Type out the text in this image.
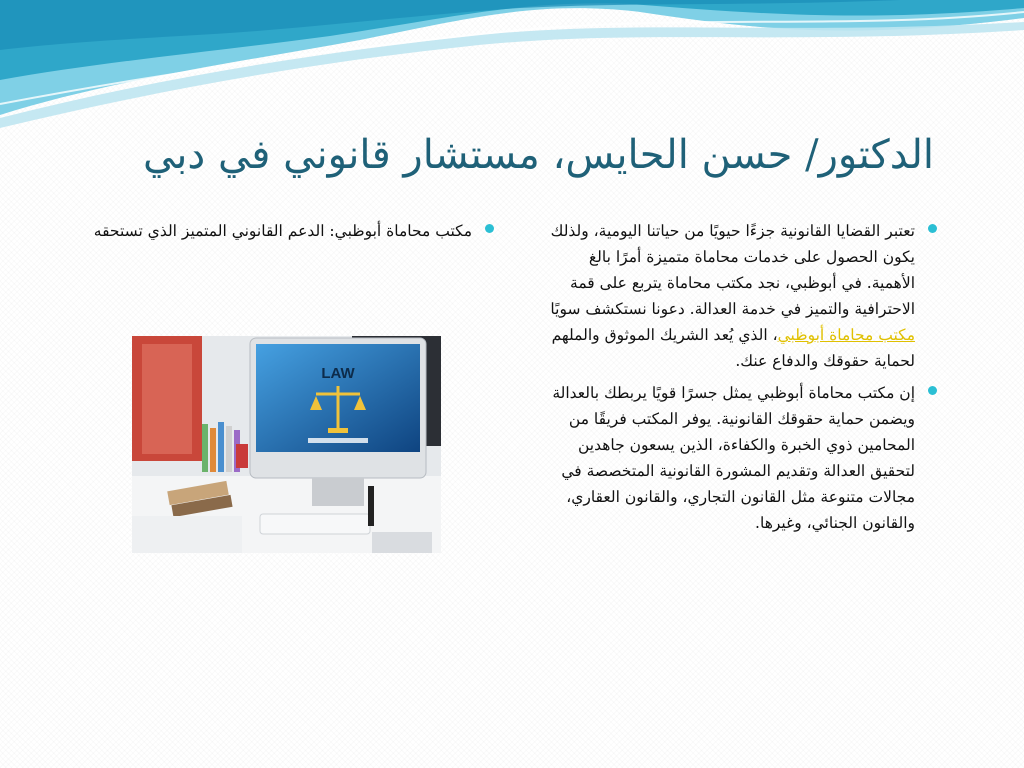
الدكتور/ حسن الحايس، مستشار قانوني في دبي

تعتبر القضايا القانونية جزءًا حيويًا من حياتنا اليومية، ولذلك يكون الحصول على خدمات محاماة متميزة أمرًا بالغ الأهمية. في أبوظبي، نجد مكتب محاماة يتربع على قمة الاحترافية والتميز في خدمة العدالة. دعونا نستكشف سويًا مكتب محاماة أبوظبي، الذي يُعد الشريك الموثوق والملهم لحماية حقوقك والدفاع عنك.

إن مكتب محاماة أبوظبي يمثل جسرًا قويًا يربطك بالعدالة ويضمن حماية حقوقك القانونية. يوفر المكتب فريقًا من المحامين ذوي الخبرة والكفاءة، الذين يسعون جاهدين لتحقيق العدالة وتقديم المشورة القانونية المتخصصة في مجالات متنوعة مثل القانون التجاري، والقانون العقاري، والقانون الجنائي، وغيرها.

مكتب محاماة أبوظبي: الدعم القانوني المتميز الذي تستحقه

LAW
